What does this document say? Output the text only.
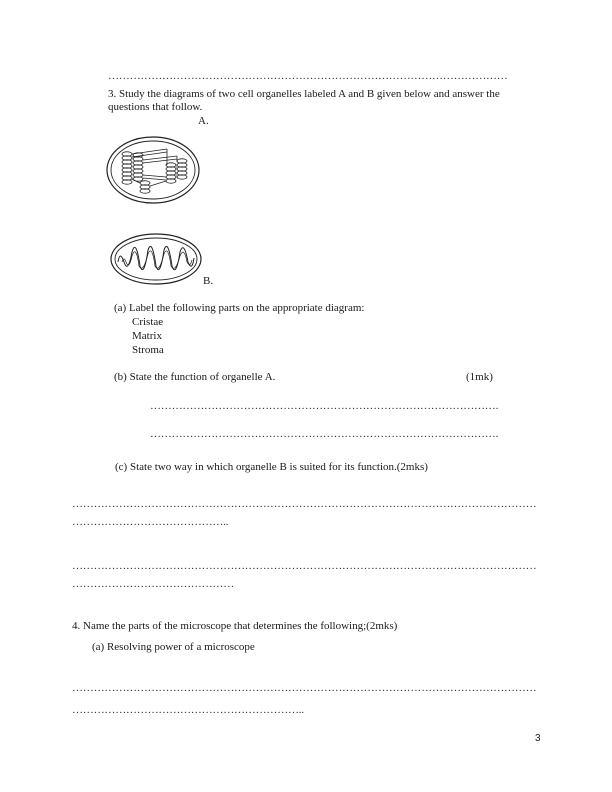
…………………………………………………………………………………………………
3. Study the diagrams of two cell organelles labeled A and B given below and answer the
questions that follow.
A.
B.
(a) Label the following parts on the appropriate diagram:
Cristae
Matrix
Stroma
(b) State the function of organelle A.	(1mk)
…………………………………………………………………………………….
…………………………………………………………………………………….
(c) State two way in which organelle B is suited for its function.(2mks)
…………………………………………………………………………………………………………………
……………………………………..
…………………………………………………………………………………………………………………
………………………………………
4. Name the parts of the microscope that determines the following;(2mks)
(a) Resolving power of a microscope
…………………………………………………………………………………………………………………
………………………………………………………..
3
